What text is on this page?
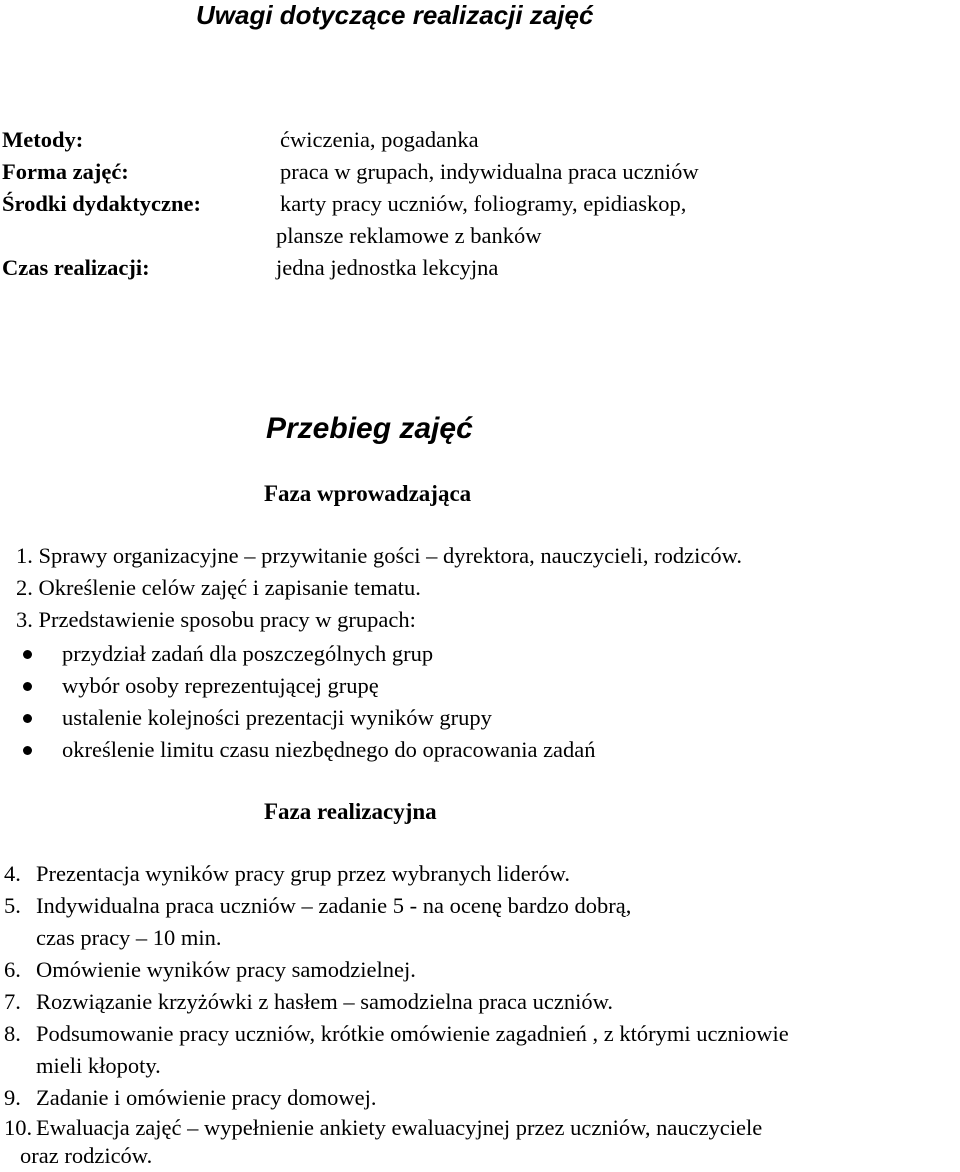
Uwagi dotyczące realizacji zajęć
Metody:
Forma zajęć:
Środki dydaktyczne:
Czas realizacji:
ćwiczenia, pogadanka
praca w grupach, indywidualna praca uczniów
karty pracy uczniów, foliogramy, epidiaskop,
plansze reklamowe z banków
jedna jednostka lekcyjna
Przebieg zajęć
Faza wprowadzająca
1. Sprawy organizacyjne – przywitanie gości – dyrektora, nauczycieli, rodziców.
2. Określenie celów zajęć i zapisanie tematu.
3. Przedstawienie sposobu pracy w grupach:
przydział zadań dla poszczególnych grup
wybór osoby reprezentującej grupę
ustalenie kolejności prezentacji wyników grupy
określenie limitu czasu niezbędnego do opracowania zadań
Faza realizacyjna
4. Prezentacja wyników pracy grup przez wybranych liderów.
5. Indywidualna praca uczniów – zadanie 5 - na ocenę bardzo dobrą,
czas pracy – 10 min.
6. Omówienie wyników pracy samodzielnej.
7. Rozwiązanie krzyżówki z hasłem – samodzielna praca uczniów.
8. Podsumowanie pracy uczniów, krótkie omówienie zagadnień , z którymi uczniowie
mieli kłopoty.
9. Zadanie i omówienie pracy domowej.
10. Ewaluacja zajęć – wypełnienie ankiety ewaluacyjnej przez uczniów, nauczyciele
oraz rodziców.
